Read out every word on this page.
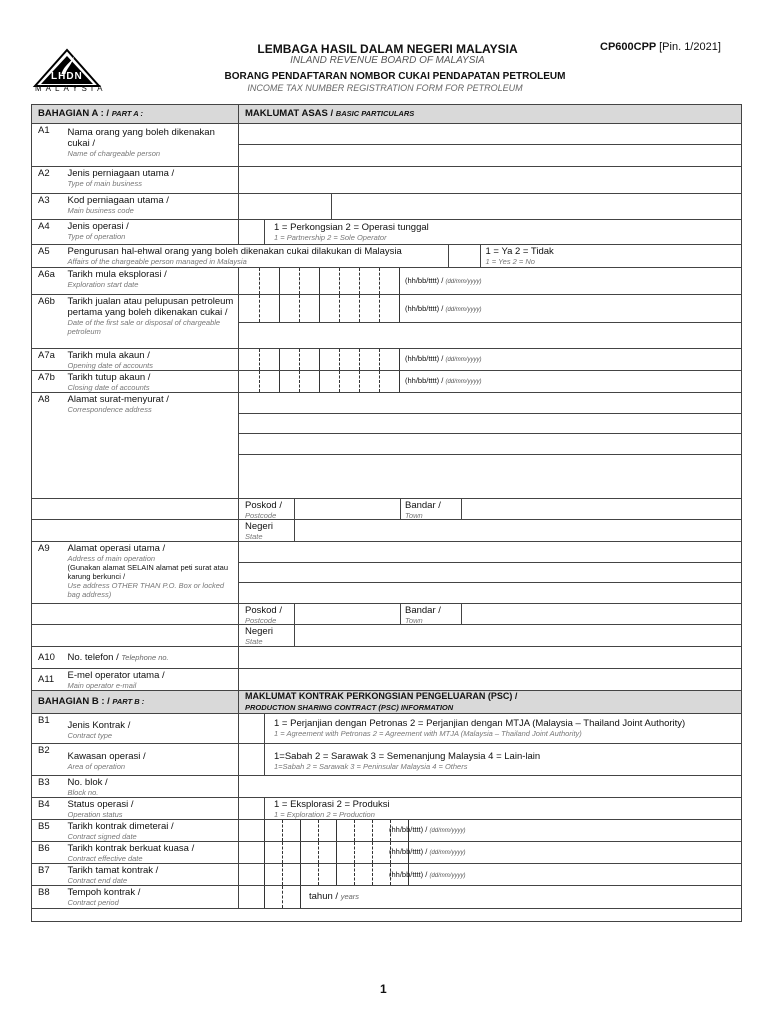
LHDN
MALAYSIA
LEMBAGA HASIL DALAM NEGERI MALAYSIA
INLAND REVENUE BOARD OF MALAYSIA
CP600CPP [Pin. 1/2021]
BORANG PENDAFTARAN NOMBOR CUKAI PENDAPATAN PETROLEUM
INCOME TAX NUMBER REGISTRATION FORM FOR PETROLEUM
BAHAGIAN A : / PART A :		MAKLUMAT ASAS / BASIC PARTICULARS
A1	Nama orang yang boleh dikenakan cukai /
Name of chargeable person	

A2	Jenis perniagaan utama /
Type of main business	

A3	Kod perniagaan utama /
Main business code	

A4	Jenis operasi /
Type of operation	1 = Perkongsian 2 = Operasi tunggal
1 = Partnership 2 = Sole Operator

A5	Pengurusan hal-ehwal orang yang boleh dikenakan cukai dilakukan di Malaysia
Affairs of the chargeable person managed in Malaysia
1 = Ya 2 = Tidak
1 = Yes 2 = No	

A6a	Tarikh mula eksplorasi /
Exploration start date	(hh/bb/tttt) / (dd/mm/yyyy)

A6b	Tarikh jualan atau pelupusan petroleum pertama yang boleh dikenakan cukai /
Date of the first sale or disposal of chargeable petroleum	(hh/bb/tttt) / (dd/mm/yyyy)

A7a	Tarikh mula akaun /
Opening date of accounts	(hh/bb/tttt) / (dd/mm/yyyy)

A7b	Tarikh tutup akaun /
Closing date of accounts	(hh/bb/tttt) / (dd/mm/yyyy)

A8	Alamat surat-menyurat /
Correspondence address	

		Poskod /
Postcode
Bandar /
Town

		Negeri
State

A9	Alamat operasi utama /
Address of main operation
(Gunakan alamat SELAIN alamat peti surat atau karung berkunci /
Use address OTHER THAN P.O. Box or locked bag address)	

		Poskod /
Postcode
Bandar /
Town

		Negeri
State

A10	No. telefon / Telephone no.	
A11	E-mel operator utama /
Main operator e-mail	

BAHAGIAN B : / PART B :		MAKLUMAT KONTRAK PERKONGSIAN PENGELUARAN (PSC) /
PRODUCTION SHARING CONTRACT (PSC) INFORMATION

B1	Jenis Kontrak /
Contract type	1 = Perjanjian dengan Petronas 2 = Perjanjian dengan MTJA (Malaysia – Thailand Joint Authority)
1 = Agreement with Petronas 2 = Agreement with MTJA (Malaysia – Thailand Joint Authority)

B2	Kawasan operasi /
Area of operation	1=Sabah 2 = Sarawak 3 = Semenanjung Malaysia 4 = Lain-lain
1=Sabah 2 = Sarawak 3 = Peninsular Malaysia 4 = Others

B3	No. blok /
Block no.	

B4	Status operasi /
Operation status	1 = Eksplorasi 2 = Produksi
1 = Exploration 2 = Production

B5	Tarikh kontrak dimeterai /
Contract signed date	(hh/bb/tttt) / (dd/mm/yyyy)

B6	Tarikh kontrak berkuat kuasa /
Contract effective date	(hh/bb/tttt) / (dd/mm/yyyy)

B7	Tarikh tamat kontrak /
Contract end date	(hh/bb/tttt) / (dd/mm/yyyy)

B8	Tempoh kontrak /
Contract period	tahun / years

1
